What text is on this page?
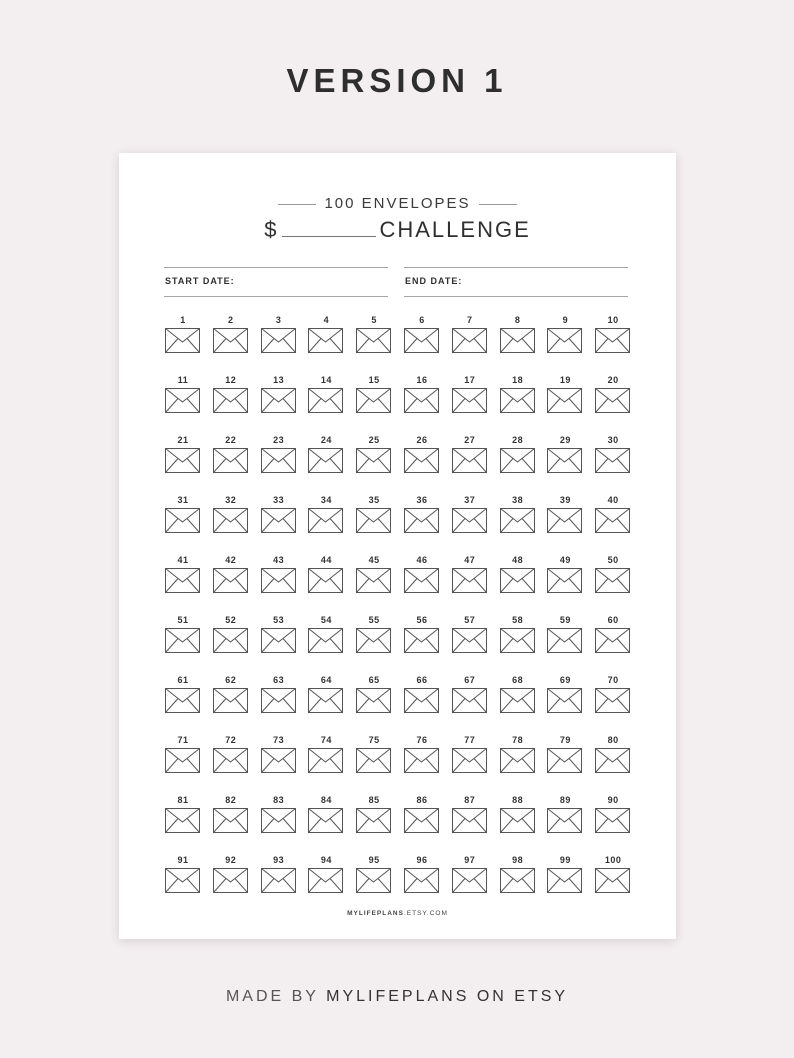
VERSION 1
100 ENVELOPES
$	CHALLENGE
START DATE:	END DATE:
1	2	3	4	5	6	7	8	9	10
11	12	13	14	15	16	17	18	19	20
21	22	23	24	25	26	27	28	29	30
31	32	33	34	35	36	37	38	39	40
41	42	43	44	45	46	47	48	49	50
51	52	53	54	55	56	57	58	59	60
61	62	63	64	65	66	67	68	69	70
71	72	73	74	75	76	77	78	79	80
81	82	83	84	85	86	87	88	89	90
91	92	93	94	95	96	97	98	99	100
MYLIFEPLANS.ETSY.COM
MADE BY MYLIFEPLANS ON ETSY
